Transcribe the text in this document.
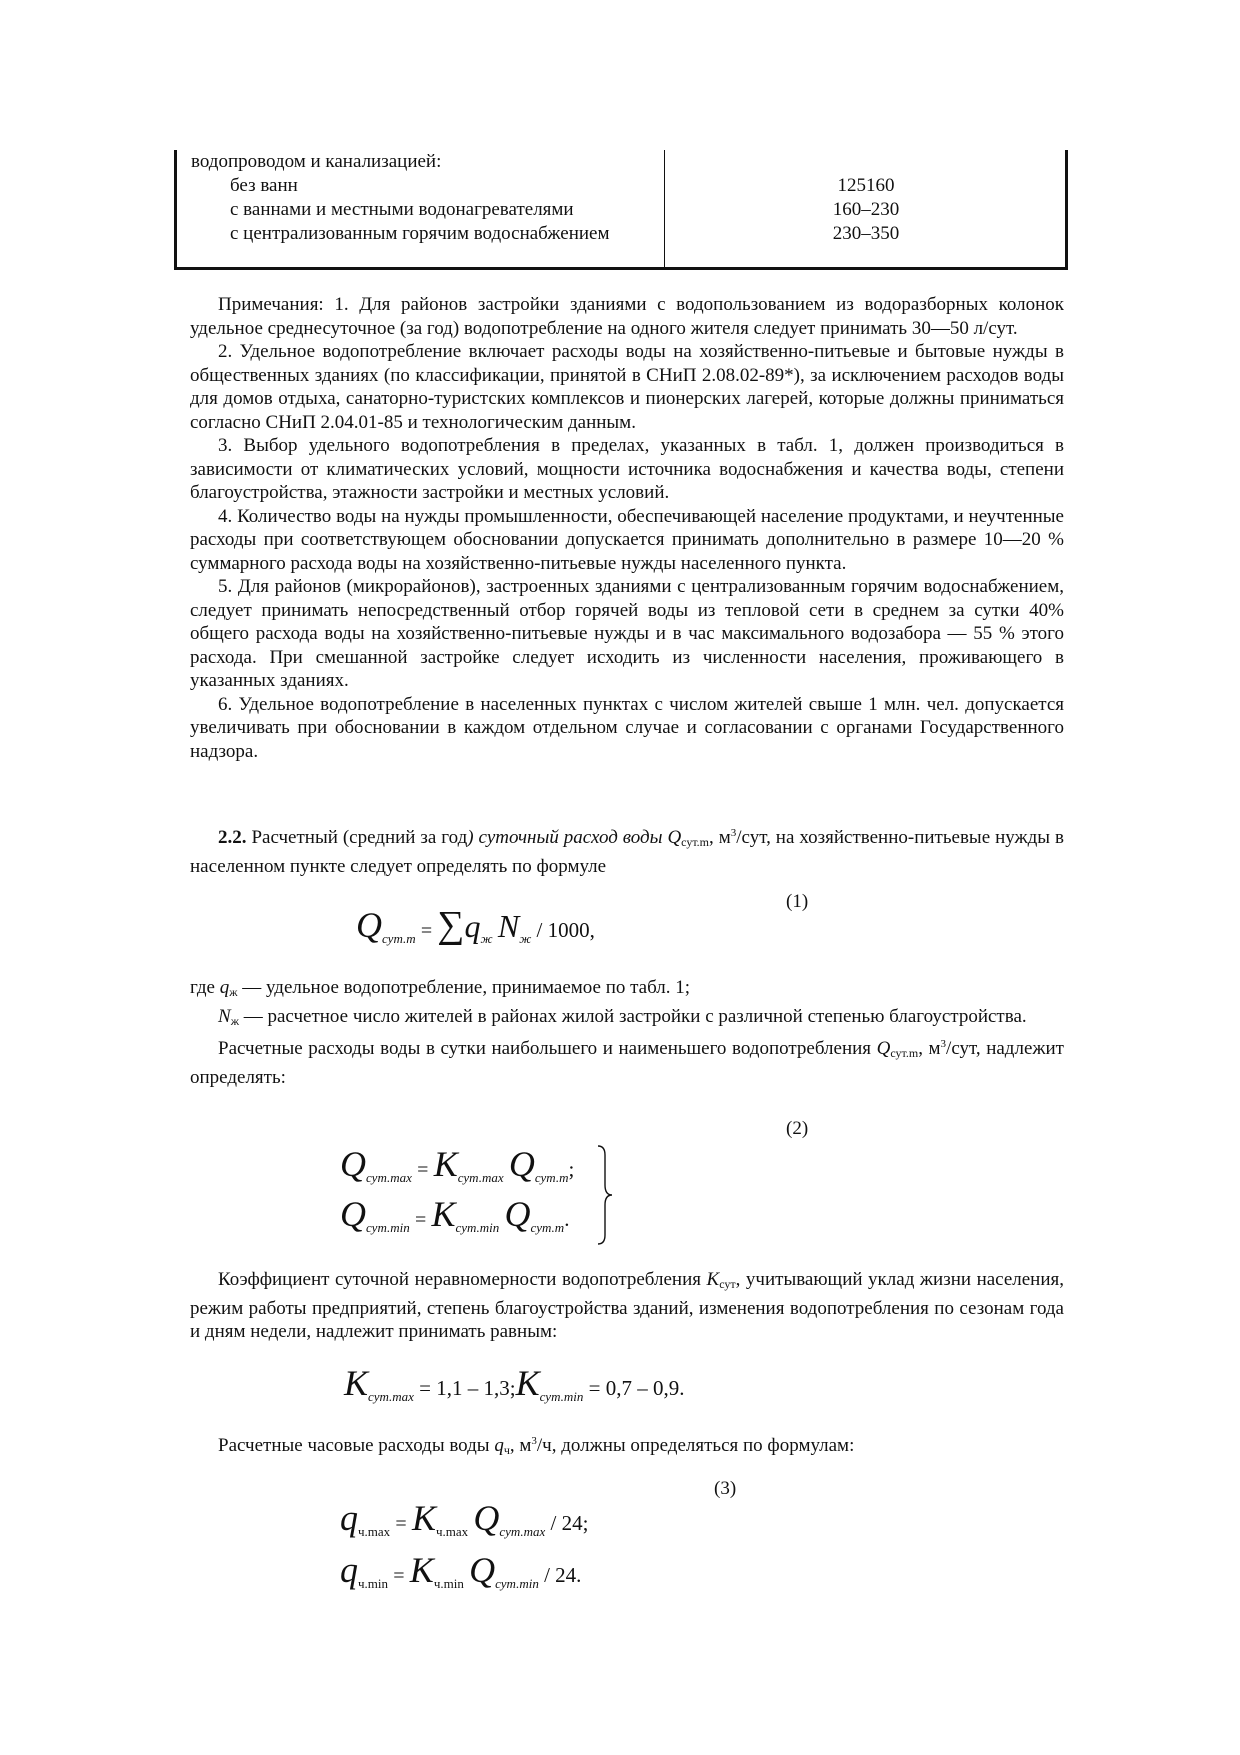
водопроводом и канализацией:
без ванн
с ваннами и местными водонагревателями
с централизованным горячим водоснабжением
125160
160–230
230–350

Примечания: 1. Для районов застройки зданиями с водопользованием из водоразборных колонок удельное среднесуточное (за год) водопотребление на одного жителя следует принимать 30—50 л/сут.

2. Удельное водопотребление включает расходы воды на хозяйственно-питьевые и бытовые нужды в общественных зданиях (по классификации, принятой в СНиП 2.08.02-89*), за исключением расходов воды для домов отдыха, санаторно-туристских комплексов и пионерских лагерей, которые должны приниматься согласно СНиП 2.04.01-85 и технологическим данным.

3. Выбор удельного водопотребления в пределах, указанных в табл. 1, должен производиться в зависимости от климатических условий, мощности источника водоснабжения и качества воды, степени благоустройства, этажности застройки и местных условий.

4. Количество воды на нужды промышленности, обеспечивающей население продуктами, и неучтенные расходы при соответствующем обосновании допускается принимать дополнительно в размере 10—20 % суммарного расхода воды на хозяйственно-питьевые нужды населенного пункта.

5. Для районов (микрорайонов), застроенных зданиями с централизованным горячим водоснабжением, следует принимать непосредственный отбор горячей воды из тепловой сети в среднем за сутки 40% общего расхода воды на хозяйственно-питьевые нужды и в час максимального водозабора — 55 % этого расхода. При смешанной застройке следует исходить из численности населения, проживающего в указанных зданиях.

6. Удельное водопотребление в населенных пунктах с числом жителей свыше 1 млн. чел. допускается увеличивать при обосновании в каждом отдельном случае и согласовании с органами Государственного надзора.

2.2. Расчетный (средний за год) суточный расход воды $Q_{сут.m}$, $м^3$/сут, на хозяйственно-питьевые нужды в населенном пункте следует определять по формуле

(1)
$Q_{сут.т} = \sum q_ж$ $N_ж / 1000$,

где $q_ж$ — удельное водопотребление, принимаемое по табл. 1;

$N_ж$ — расчетное число жителей в районах жилой застройки с различной степенью благоустройства.

Расчетные расходы воды в сутки наибольшего и наименьшего водопотребления $Q_{сут.m}$, $м^3$/сут, надлежит определять:

(2)
$Q_{сут.max} = K_{сут.max}$ $Q_{сут.т}$;
$Q_{сут.min} = K_{сут.min}$ $Q_{сут.т}$.

Коэффициент суточной неравномерности водопотребления $K_{сут}$, учитывающий уклад жизни населения, режим работы предприятий, степень благоустройства зданий, изменения водопотребления по сезонам года и дням недели, надлежит принимать равным:

$K_{сут.max} = 1,1$ – $1,3;K_{сут.min} = 0,7 - 0,9$.

Расчетные часовые расходы воды $q_ч$, $м^3/ч$, должны определяться по формулам:

(3)
$q_{ч.max} = K_{ч.max}$ $Q_{сут.max} / 24$;
$q_{ч.min} = K_{ч.min}$ $Q_{сут.min} / 24$.
